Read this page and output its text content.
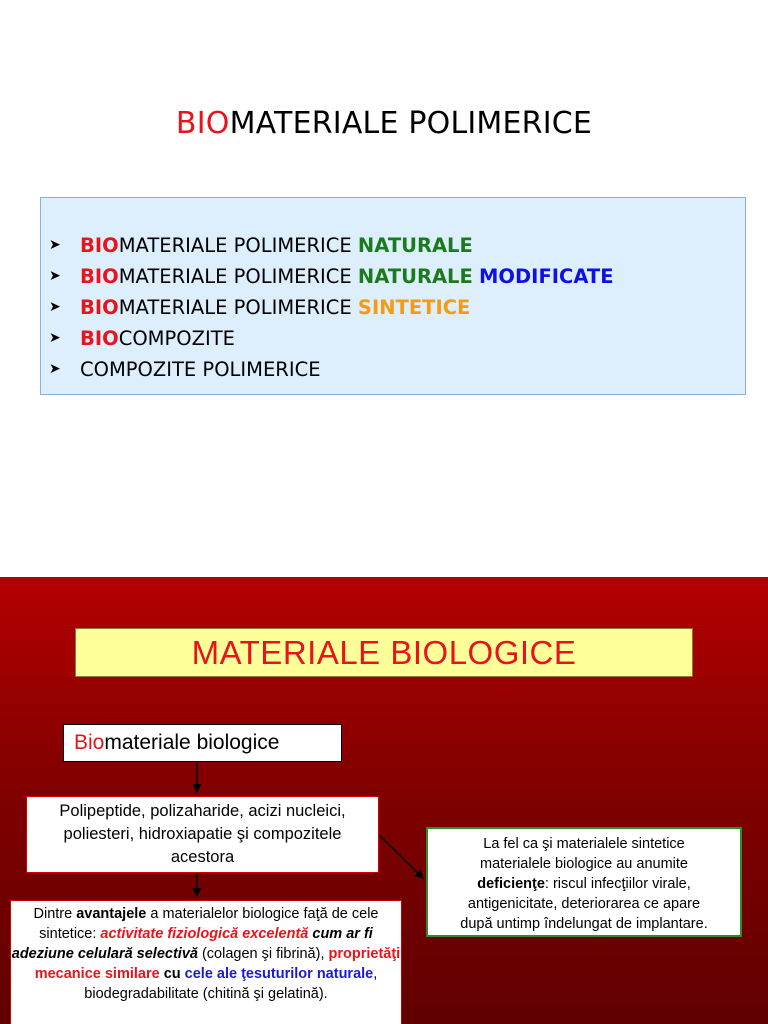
BIOMATERIALE POLIMERICE
➤ BIOMATERIALE POLIMERICE NATURALE
➤ BIOMATERIALE POLIMERICE NATURALE MODIFICATE
➤ BIOMATERIALE POLIMERICE SINTETICE
➤ BIOCOMPOZITE
➤ COMPOZITE POLIMERICE
MATERIALE BIOLOGICE
Biomateriale biologice
Polipeptide, polizaharide, acizi nucleici,
poliesteri, hidroxiapatie şi compozitele
acestora
La fel ca şi materialele sintetice
materialele biologice au anumite
deficienţe: riscul infecţiilor virale,
antigenicitate, deteriorarea ce apare
după untimp îndelungat de implantare.
Dintre avantajele a materialelor biologice faţă de cele sintetice: activitate fiziologică excelentă cum ar fi adeziune celulară selectivă (colagen şi fibrină), proprietăţi mecanice similare cu cele ale ţesuturilor naturale, biodegradabilitate (chitină şi gelatină).
